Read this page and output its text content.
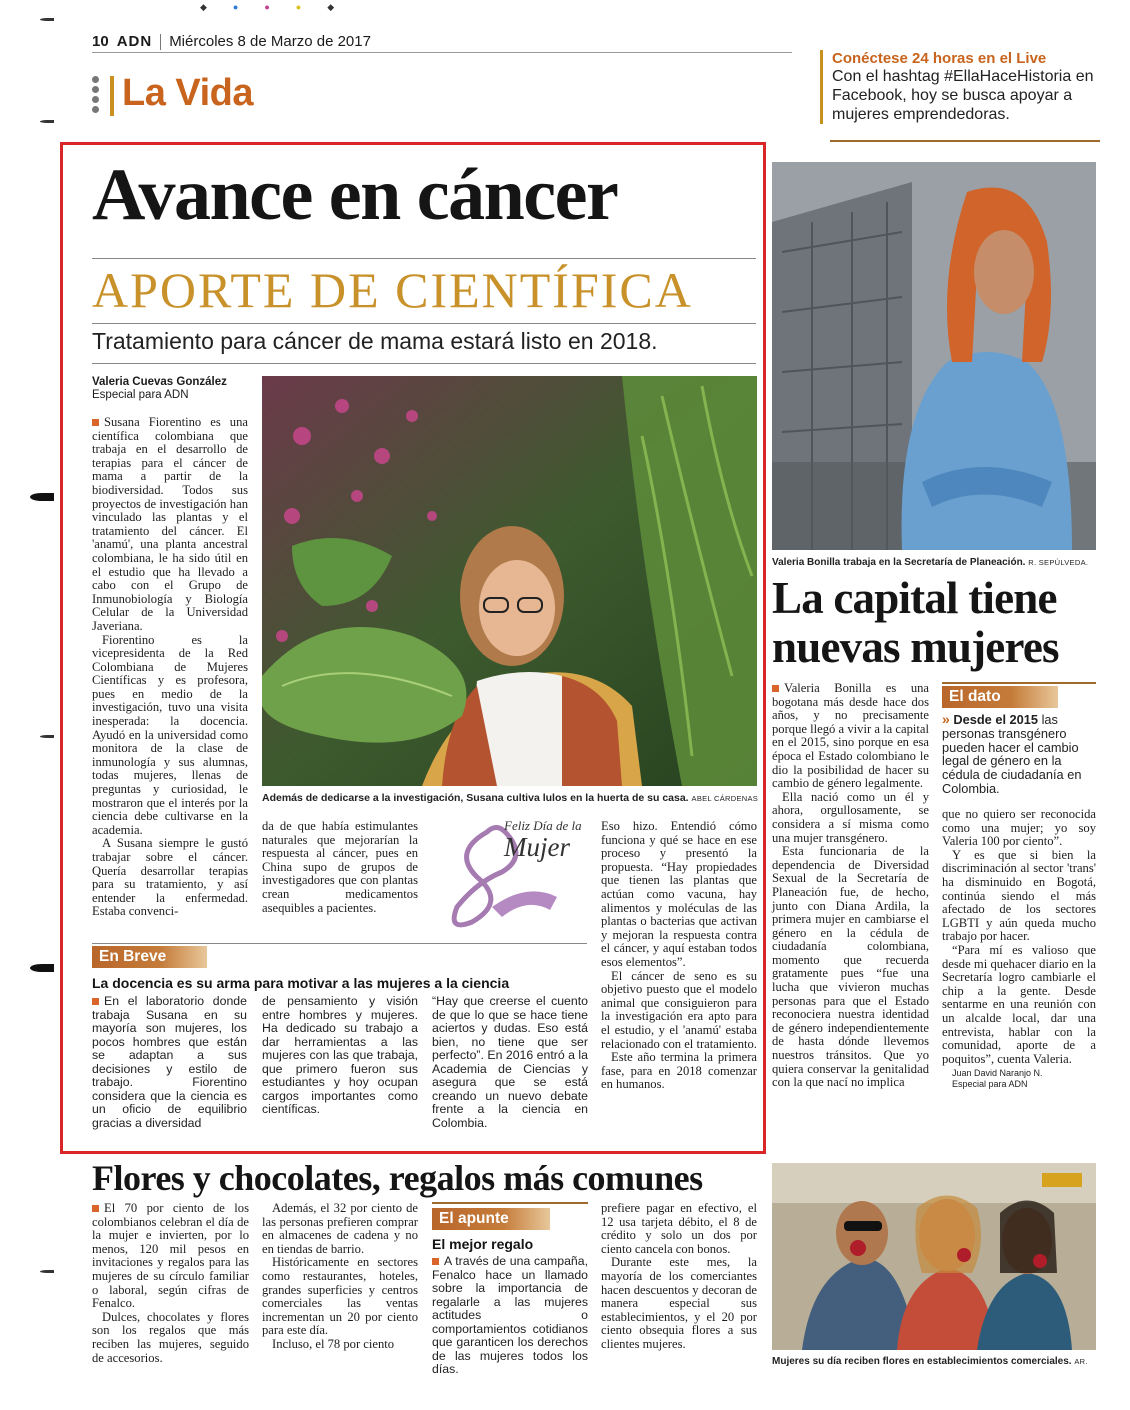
◆●●●◆
10 ADN Miércoles 8 de Marzo de 2017
La Vida
Conéctese 24 horas en el Live
Con el hashtag #EllaHaceHistoria en Facebook, hoy se busca apoyar a mujeres emprendedoras.
Avance en cáncer
APORTE DE CIENTÍFICA
Tratamiento para cáncer de mama estará listo en 2018.
Valeria Cuevas González
Especial para ADN

Susana Fiorentino es una científica colombiana que trabaja en el desarrollo de terapias para el cáncer de mama a partir de la biodiversidad. Todos sus proyectos de investigación han vinculado las plantas y el tratamiento del cáncer. El 'anamú', una planta ancestral colombiana, le ha sido útil en el estudio que ha llevado a cabo con el Grupo de Inmunobiología y Biología Celular de la Universidad Javeriana.

Fiorentino es la vicepresidenta de la Red Colombiana de Mujeres Científicas y es profesora, pues en medio de la investigación, tuvo una visita inesperada: la docencia. Ayudó en la universidad como monitora de la clase de inmunología y sus alumnas, todas mujeres, llenas de preguntas y curiosidad, le mostraron que el interés por la ciencia debe cultivarse en la academia.

A Susana siempre le gustó trabajar sobre el cáncer. Quería desarrollar terapias para su tratamiento, y así entender la enfermedad. Estaba convenci-

Además de dedicarse a la investigación, Susana cultiva lulos en la huerta de su casa. ABEL CÁRDENAS

da de que había estimulantes naturales que mejorarían la respuesta al cáncer, pues en China supo de grupos de investigadores que con plantas crean medicamentos asequibles a pacientes.

Feliz Día de la
Mujer

Eso hizo. Entendió cómo funciona y qué se hace en ese proceso y presentó la propuesta. “Hay propiedades que tienen las plantas que actúan como vacuna, hay alimentos y moléculas de las plantas o bacterias que activan y mejoran la respuesta contra el cáncer, y aquí estaban todos esos elementos”.

El cáncer de seno es su objetivo puesto que el modelo animal que consiguieron para la investigación era apto para el estudio, y el 'anamú' estaba relacionado con el tratamiento.

Este año termina la primera fase, para en 2018 comenzar en humanos.

En Breve
La docencia es su arma para motivar a las mujeres a la ciencia

En el laboratorio donde trabaja Susana en su mayoría son mujeres, los pocos hombres que están se adaptan a sus decisiones y estilo de trabajo. Fiorentino considera que la ciencia es un oficio de equilibrio gracias a diversidad

de pensamiento y visión entre hombres y mujeres. Ha dedicado su trabajo a dar herramientas a las mujeres con las que trabaja, que primero fueron sus estudiantes y hoy ocupan cargos importantes como científicas.

“Hay que creerse el cuento de que lo que se hace tiene aciertos y dudas. Eso está bien, no tiene que ser perfecto”. En 2016 entró a la Academia de Ciencias y asegura que se está creando un nuevo debate frente a la ciencia en Colombia.

Valeria Bonilla trabaja en la Secretaría de Planeación. R. SEPÚLVEDA.
La capital tiene nuevas mujeres

Valeria Bonilla es una bogotana más desde hace dos años, y no precisamente porque llegó a vivir a la capital en el 2015, sino porque en esa época el Estado colombiano le dio la posibilidad de hacer su cambio de género legalmente.

Ella nació como un él y ahora, orgullosamente, se considera a sí misma como una mujer transgénero.

Esta funcionaria de la dependencia de Diversidad Sexual de la Secretaría de Planeación fue, de hecho, junto con Diana Ardila, la primera mujer en cambiarse el género en la cédula de ciudadanía colombiana, momento que recuerda gratamente pues “fue una lucha que vivieron muchas personas para que el Estado reconociera nuestra identidad de género independientemente de hasta dónde llevemos nuestros tránsitos. Que yo quiera conservar la genitalidad con la que nací no implica

El dato
» Desde el 2015 las personas transgénero pueden hacer el cambio legal de género en la cédula de ciudadanía en Colombia.

que no quiero ser reconocida como una mujer; yo soy Valeria 100 por ciento”.

Y es que si bien la discriminación al sector 'trans' ha disminuido en Bogotá, continúa siendo el más afectado de los sectores LGBTI y aún queda mucho trabajo por hacer.

“Para mí es valioso que desde mi quehacer diario en la Secretaría logro cambiarle el chip a la gente. Desde sentarme en una reunión con un alcalde local, dar una entrevista, hablar con la comunidad, aporte de a poquitos”, cuenta Valeria.

Juan David Naranjo N.
Especial para ADN
Flores y chocolates, regalos más comunes

El 70 por ciento de los colombianos celebran el día de la mujer e invierten, por lo menos, 120 mil pesos en invitaciones y regalos para las mujeres de su círculo familiar o laboral, según cifras de Fenalco.

Dulces, chocolates y flores son los regalos que más reciben las mujeres, seguido de accesorios.

Además, el 32 por ciento de las personas prefieren comprar en almacenes de cadena y no en tiendas de barrio.

Históricamente en sectores como restaurantes, hoteles, grandes superficies y centros comerciales las ventas incrementan un 20 por ciento para este día.

Incluso, el 78 por ciento

El apunte
El mejor regalo

A través de una campaña, Fenalco hace un llamado sobre la importancia de regalarle a las mujeres actitudes o comportamientos cotidianos que garanticen los derechos de las mujeres todos los días.

prefiere pagar en efectivo, el 12 usa tarjeta débito, el 8 de crédito y solo un dos por ciento cancela con bonos.

Durante este mes, la mayoría de los comerciantes hacen descuentos y decoran de manera especial sus establecimientos, y el 20 por ciento obsequia flores a sus clientes mujeres.

Mujeres su día reciben flores en establecimientos comerciales. AR.
